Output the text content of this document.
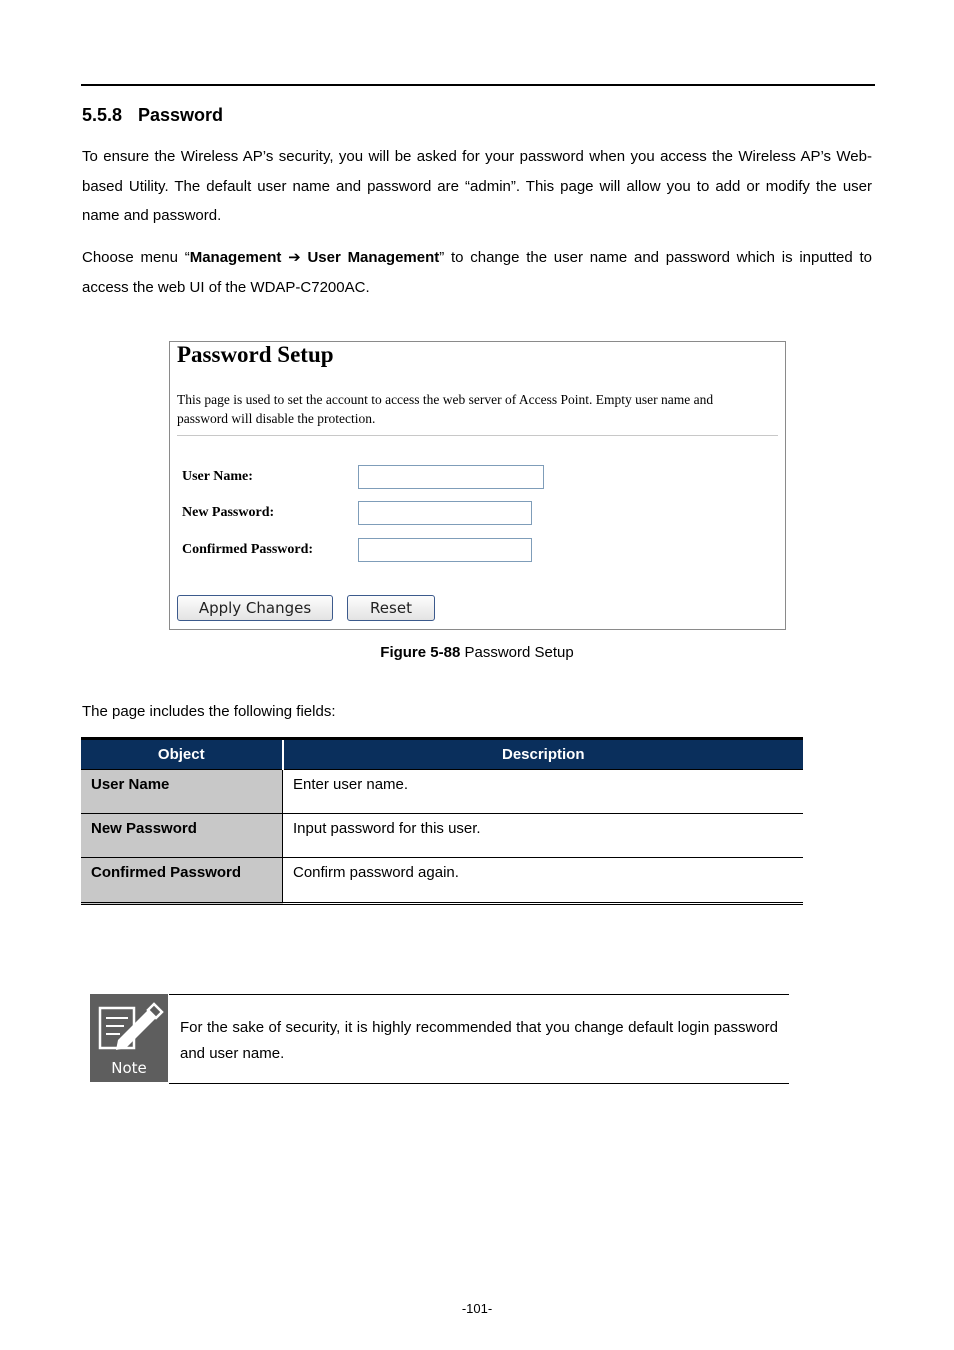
5.5.8 Password

To ensure the Wireless AP’s security, you will be asked for your password when you access the Wireless AP’s Web-based Utility. The default user name and password are “admin”. This page will allow you to add or modify the user name and password.

Choose menu “Management ➔ User Management” to change the user name and password which is inputted to access the web UI of the WDAP-C7200AC.

Password Setup

This page is used to set the account to access the web server of Access Point. Empty user name and password will disable the protection.

User Name:
New Password:
Confirmed Password:
Apply Changes	Reset

Figure 5-88 Password Setup

The page includes the following fields:

Object	Description
User Name	Enter user name.
New Password	Input password for this user.
Confirmed Password	Confirm password again.
Note

For the sake of security, it is highly recommended that you change default login password and user name.

-101-
